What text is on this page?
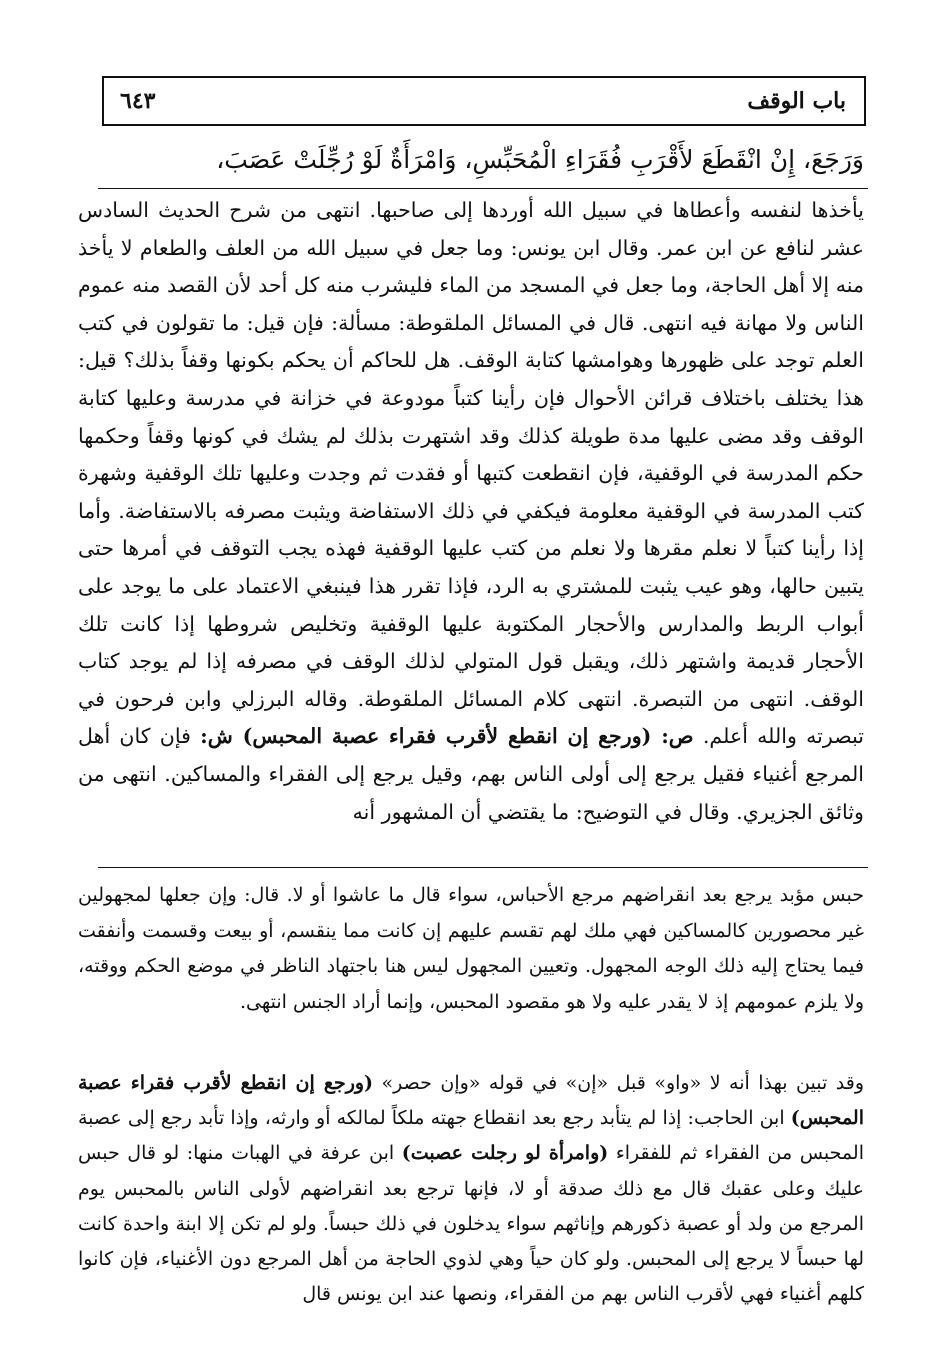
باب الوقف
٦٤٣
وَرَجَعَ، إِنْ انْقَطَعَ لأَقْرَبِ فُقَرَاءِ الْمُحَبِّسِ، وَامْرَأَةٌ لَوْ رُجِّلَتْ عَصَبَ،
يأخذها لنفسه وأعطاها في سبيل الله أوردها إلى صاحبها. انتهى من شرح الحديث السادس عشر لنافع عن ابن عمر. وقال ابن يونس: وما جعل في سبيل الله من العلف والطعام لا يأخذ منه إلا أهل الحاجة، وما جعل في المسجد من الماء فليشرب منه كل أحد لأن القصد منه عموم الناس ولا مهانة فيه انتهى. قال في المسائل الملقوطة: مسألة: فإن قيل: ما تقولون في كتب العلم توجد على ظهورها وهوامشها كتابة الوقف. هل للحاكم أن يحكم بكونها وقفاً بذلك؟ قيل: هذا يختلف باختلاف قرائن الأحوال فإن رأينا كتباً مودوعة في خزانة في مدرسة وعليها كتابة الوقف وقد مضى عليها مدة طويلة كذلك وقد اشتهرت بذلك لم يشك في كونها وقفاً وحكمها حكم المدرسة في الوقفية، فإن انقطعت كتبها أو فقدت ثم وجدت وعليها تلك الوقفية وشهرة كتب المدرسة في الوقفية معلومة فيكفي في ذلك الاستفاضة ويثبت مصرفه بالاستفاضة. وأما إذا رأينا كتباً لا نعلم مقرها ولا نعلم من كتب عليها الوقفية فهذه يجب التوقف في أمرها حتى يتبين حالها، وهو عيب يثبت للمشتري به الرد، فإذا تقرر هذا فينبغي الاعتماد على ما يوجد على أبواب الربط والمدارس والأحجار المكتوبة عليها الوقفية وتخليص شروطها إذا كانت تلك الأحجار قديمة واشتهر ذلك، ويقبل قول المتولي لذلك الوقف في مصرفه إذا لم يوجد كتاب الوقف. انتهى من التبصرة. انتهى كلام المسائل الملقوطة. وقاله البرزلي وابن فرحون في تبصرته والله أعلم. ص: (ورجع إن انقطع لأقرب فقراء عصبة المحبس) ش: فإن كان أهل المرجع أغنياء فقيل يرجع إلى أولى الناس بهم، وقيل يرجع إلى الفقراء والمساكين. انتهى من وثائق الجزيري. وقال في التوضيح: ما يقتضي أن المشهور أنه
حبس مؤبد يرجع بعد انقراضهم مرجع الأحباس، سواء قال ما عاشوا أو لا. قال: وإن جعلها لمجهولين غير محصورين كالمساكين فهي ملك لهم تقسم عليهم إن كانت مما ينقسم، أو بيعت وقسمت وأنفقت فيما يحتاج إليه ذلك الوجه المجهول. وتعيين المجهول ليس هنا باجتهاد الناظر في موضع الحكم ووقته، ولا يلزم عمومهم إذ لا يقدر عليه ولا هو مقصود المحبس، وإنما أراد الجنس انتهى.
وقد تبين بهذا أنه لا «واو» قبل «إن» في قوله «وإن حصر» (ورجع إن انقطع لأقرب فقراء عصبة المحبس) ابن الحاجب: إذا لم يتأبد رجع بعد انقطاع جهته ملكاً لمالكه أو وارثه، وإذا تأبد رجع إلى عصبة المحبس من الفقراء ثم للفقراء (وامرأة لو رجلت عصبت) ابن عرفة في الهبات منها: لو قال حبس عليك وعلى عقبك قال مع ذلك صدقة أو لا، فإنها ترجع بعد انقراضهم لأولى الناس بالمحبس يوم المرجع من ولد أو عصبة ذكورهم وإناثهم سواء يدخلون في ذلك حبساً. ولو لم تكن إلا ابنة واحدة كانت لها حبساً لا يرجع إلى المحبس. ولو كان حياً وهي لذوي الحاجة من أهل المرجع دون الأغنياء، فإن كانوا كلهم أغنياء فهي لأقرب الناس بهم من الفقراء، ونصها عند ابن يونس قال
